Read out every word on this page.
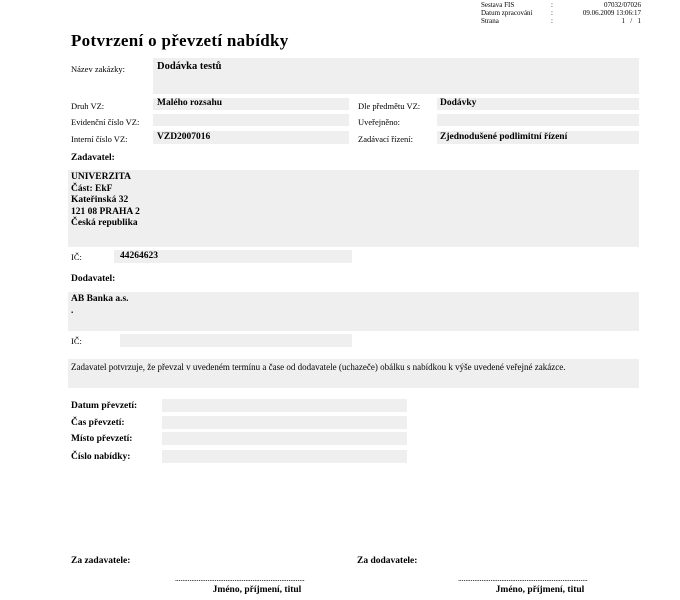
Sestava FIS	:	07032/07026
Datum zpracování	:	09.06.2009 13:06:17
Strana	:	1   /   1
Potvrzení o převzetí nabídky
Název zakázky:	Dodávka testů
Druh VZ:	Malého rozsahu	Dle předmětu VZ: Dodávky
Evidenční číslo VZ:	Uveřejněno:
Interní číslo VZ:	VZD2007016	Zadávací řízení:	Zjednodušené podlimitní řízení
Zadavatel:
UNIVERZITA
Část: EkF
Kateřinská 32
121 08 PRAHA 2
Česká republika
IČ:	44264623
Dodavatel:
AB Banka a.s.
.
IČ:
Zadavatel potvrzuje, že převzal v uvedeném termínu a čase od dodavatele (uchazeče) obálku s nabídkou k výše uvedené veřejné zakázce.
Datum převzetí:
Čas převzetí:
Místo převzetí:
Číslo nabídky:
Za zadavatele:	Za dodavatele:
........................................................................	........................................................................
Jméno, příjmení, titul	Jméno, příjmení, titul
